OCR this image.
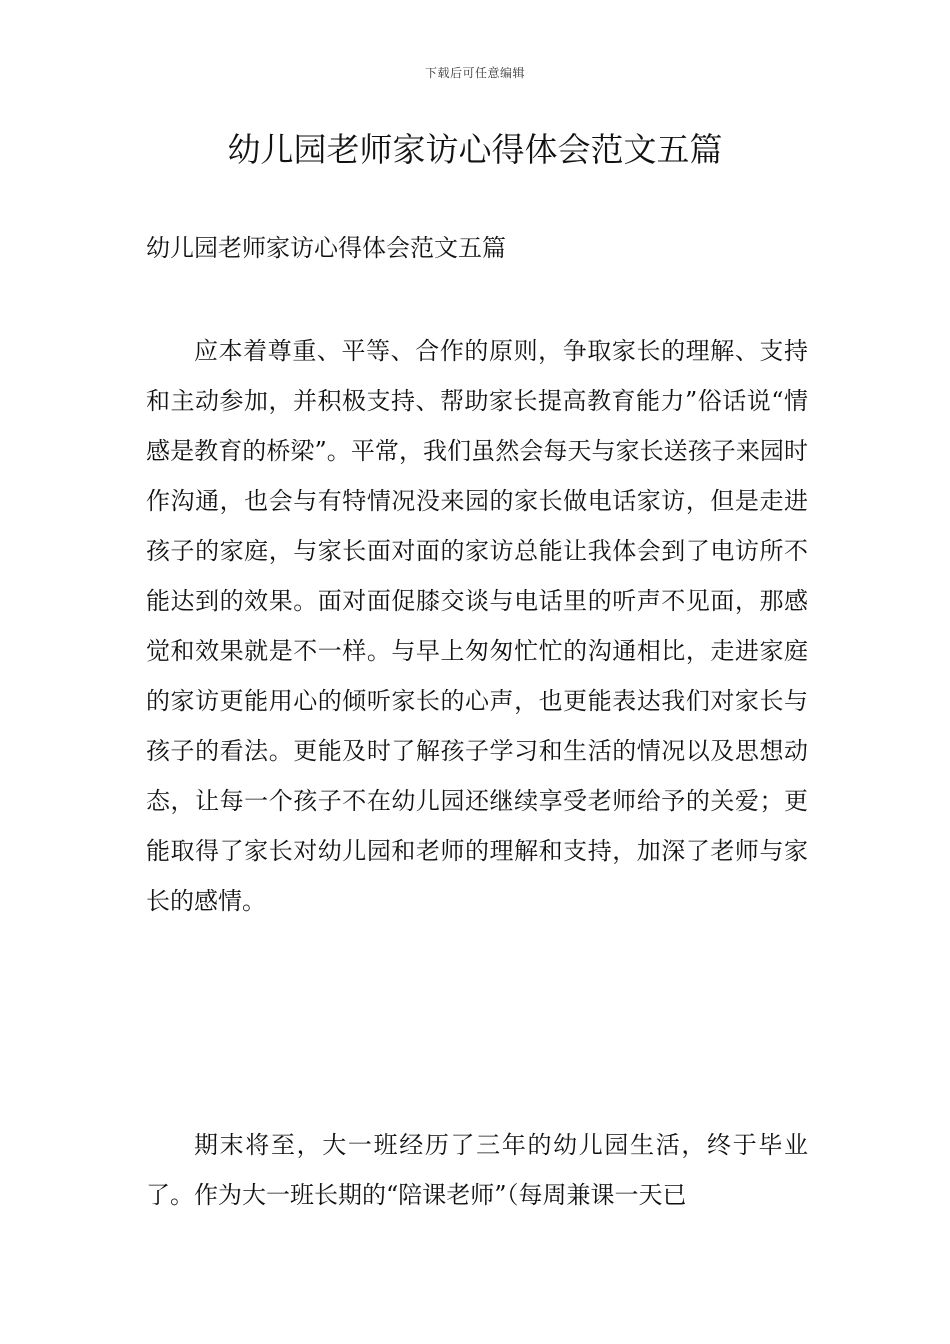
下载后可任意编辑
幼儿园老师家访心得体会范文五篇

幼儿园老师家访心得体会范文五篇

应本着尊重、平等、合作的原则，争取家长的理解、支持和主动参加，并积极支持、帮助家长提高教育能力”俗话说“情感是教育的桥梁”。平常，我们虽然会每天与家长送孩子来园时作沟通，也会与有特情况没来园的家长做电话家访，但是走进孩子的家庭，与家长面对面的家访总能让我体会到了电访所不能达到的效果。面对面促膝交谈与电话里的听声不见面，那感觉和效果就是不一样。与早上匆匆忙忙的沟通相比，走进家庭的家访更能用心的倾听家长的心声，也更能表达我们对家长与孩子的看法。更能及时了解孩子学习和生活的情况以及思想动态，让每一个孩子不在幼儿园还继续享受老师给予的关爱；更能取得了家长对幼儿园和老师的理解和支持，加深了老师与家长的感情。

期末将至，大一班经历了三年的幼儿园生活，终于毕业了。作为大一班长期的“陪课老师”（每周兼课一天已
